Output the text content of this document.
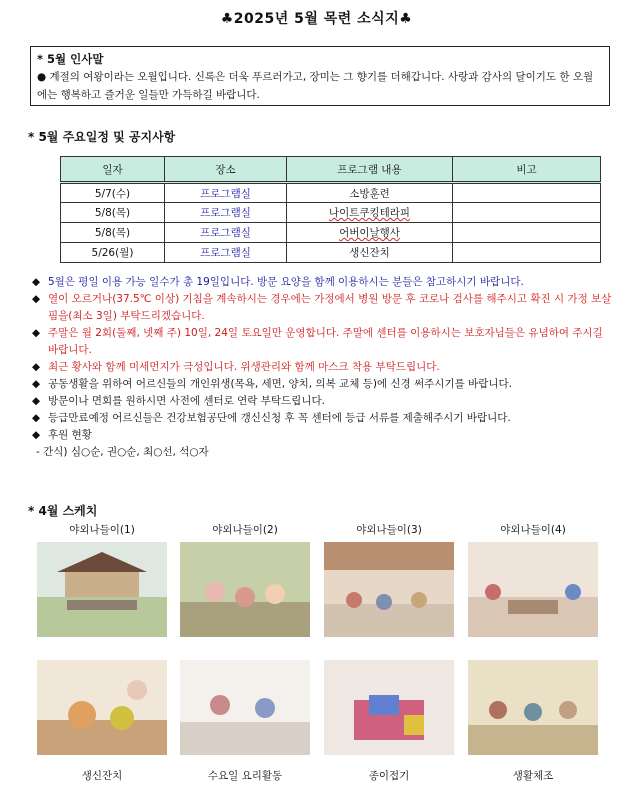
♣2025년 5월 목련 소식지♣
* 5월 인사말
● 계절의 여왕이라는 오월입니다. 신록은 더욱 푸르러가고, 장미는 그 향기를 더해갑니다. 사랑과 감사의 달이기도 한 오월에는 행복하고 즐거운 일들만 가득하길 바랍니다.
* 5월 주요일정 및 공지사항
일자	장소	프로그램 내용	비고
5/7(수)	프로그램실	소방훈련	
5/8(목)	프로그램실	나이트쿠킹테라피	
5/8(목)	프로그램실	어버이날행사	
5/26(월)	프로그램실	생신잔치	
◆ 5월은 평일 이용 가능 일수가 총 19일입니다. 방문 요양을 함께 이용하시는 분들은 참고하시기 바랍니다.
◆ 열이 오르거나(37.5℃ 이상) 기침을 계속하시는 경우에는 가정에서 병원 방문 후 코로나 검사를 해주시고 확진 시 가정 보살핌을(최소 3일) 부탁드리겠습니다.
◆ 주말은 월 2회(둘째, 넷째 주) 10일, 24일 토요일만 운영합니다. 주말에 센터를 이용하시는 보호자님들은 유념하여 주시길 바랍니다.
◆ 최근 황사와 함께 미세먼지가 극성입니다. 위생관리와 함께 마스크 착용 부탁드립니다.
◆ 공동생활을 위하여 어르신들의 개인위생(목욕, 세면, 양치, 의복 교체 등)에 신경 써주시기를 바랍니다.
◆ 방문이나 면회를 원하시면 사전에 센터로 연락 부탁드립니다.
◆ 등급만료예정 어르신들은 건강보험공단에 갱신신청 후 꼭 센터에 등급 서류를 제출해주시기 바랍니다.
◆ 후원 현황
- 간식) 심○순, 권○순, 최○선, 석○자
* 4월 스케치
야외나들이(1)	야외나들이(2)	야외나들이(3)	야외나들이(4)
생신잔치	수요일 요리활동	종이접기	생활체조
